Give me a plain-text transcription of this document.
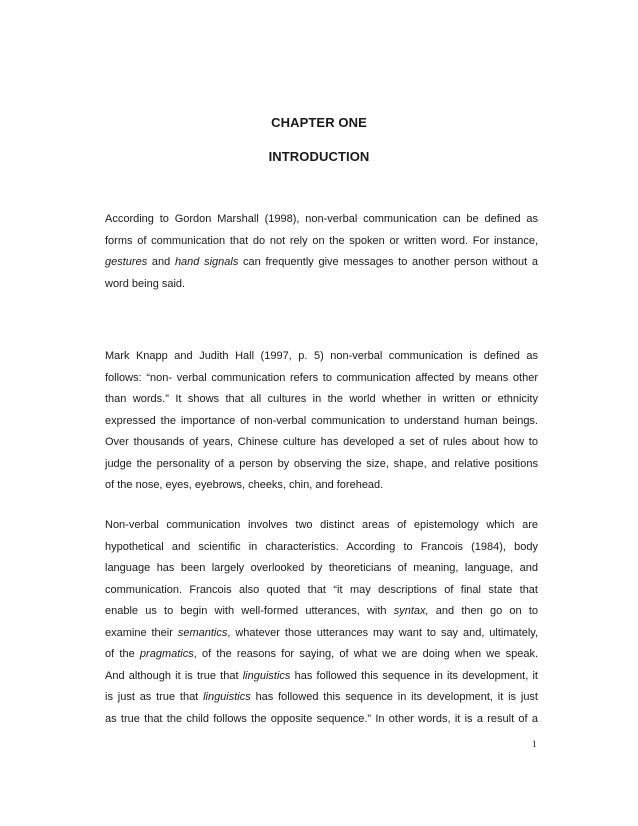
CHAPTER ONE
INTRODUCTION
According to Gordon Marshall (1998), non-verbal communication can be defined as
forms of communication that do not rely on the spoken or written word. For instance,
gestures and hand signals can frequently give messages to another person without a
word being said.
Mark Knapp and Judith Hall (1997, p. 5) non-verbal communication is defined as
follows: “non- verbal communication refers to communication affected by means other
than words.” It shows that all cultures in the world whether in written or ethnicity
expressed the importance of non-verbal communication to understand human beings.
Over thousands of years, Chinese culture has developed a set of rules about how to
judge the personality of a person by observing the size, shape, and relative positions
of the nose, eyes, eyebrows, cheeks, chin, and forehead.
Non-verbal communication involves two distinct areas of epistemology which are
hypothetical and scientific in characteristics. According to Francois (1984), body
language has been largely overlooked by theoreticians of meaning, language, and
communication. Francois also quoted that “it may descriptions of final state that
enable us to begin with well-formed utterances, with syntax, and then go on to
examine their semantics, whatever those utterances may want to say and, ultimately,
of the pragmatics, of the reasons for saying, of what we are doing when we speak.
And although it is true that linguistics has followed this sequence in its development, it
is just as true that linguistics has followed this sequence in its development, it is just
as true that the child follows the opposite sequence.” In other words, it is a result of a
1
